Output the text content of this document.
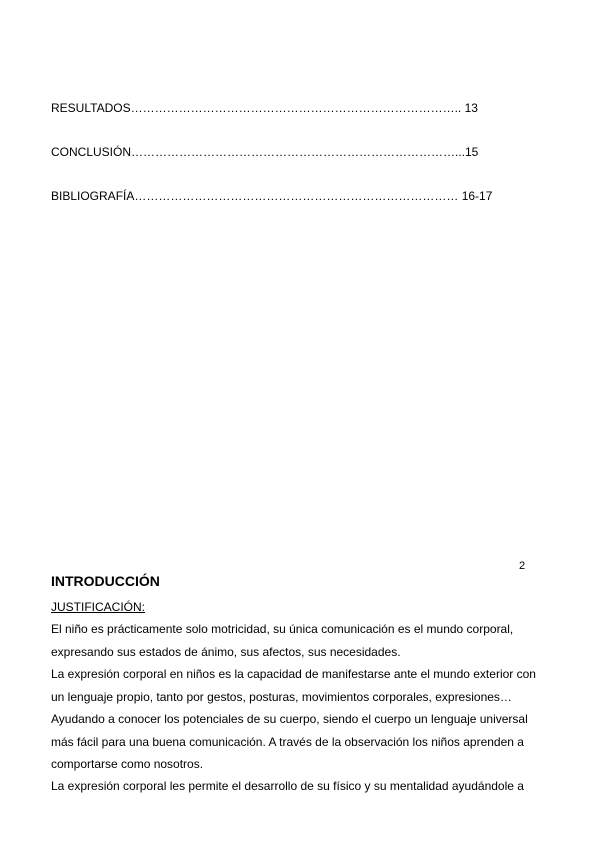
RESULTADOS……………………………………………………………………….. 13
CONCLUSIÓN………………………………………………………………………...15
BIBLIOGRAFÍA……………………………………………………………………… 16-17
2
INTRODUCCIÓN
JUSTIFICACIÓN:
El niño es prácticamente solo motricidad, su única comunicación es el mundo corporal, expresando sus estados de ánimo, sus afectos, sus necesidades.
La expresión corporal en niños es la capacidad de manifestarse ante el mundo exterior con un lenguaje propio, tanto por gestos, posturas, movimientos corporales, expresiones… Ayudando a conocer los potenciales de su cuerpo, siendo el cuerpo un lenguaje universal más fácil para una buena comunicación. A través de la observación los niños aprenden a comportarse como nosotros.
La expresión corporal les permite el desarrollo de su físico y su mentalidad ayudándole a
